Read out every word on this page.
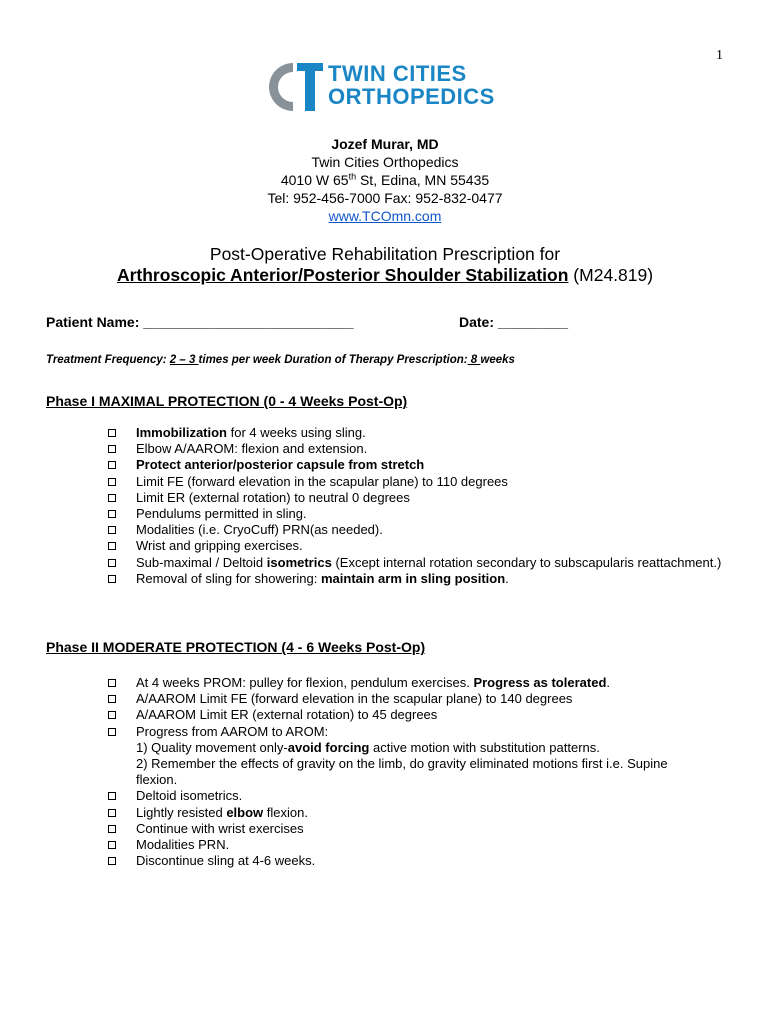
1
TWIN CITIES
ORTHOPEDICS
Jozef Murar, MD
Twin Cities Orthopedics
4010 W 65th St, Edina, MN 55435
Tel: 952-456-7000 Fax: 952-832-0477
www.TCOmn.com
Post-Operative Rehabilitation Prescription for
Arthroscopic Anterior/Posterior Shoulder Stabilization (M24.819)
Patient Name: ___________________________	Date: _________
Treatment Frequency: 2 – 3 times per week Duration of Therapy Prescription: 8 weeks
Phase I MAXIMAL PROTECTION (0 - 4 Weeks Post-Op)
Immobilization for 4 weeks using sling.
Elbow A/AAROM: flexion and extension.
Protect anterior/posterior capsule from stretch
Limit FE (forward elevation in the scapular plane) to 110 degrees
Limit ER (external rotation) to neutral 0 degrees
Pendulums permitted in sling.
Modalities (i.e. CryoCuff) PRN(as needed).
Wrist and gripping exercises.
Sub-maximal / Deltoid isometrics (Except internal rotation secondary to subscapularis reattachment.)
Removal of sling for showering: maintain arm in sling position.
Phase II MODERATE PROTECTION (4 - 6 Weeks Post-Op)
At 4 weeks PROM: pulley for flexion, pendulum exercises. Progress as tolerated.
A/AAROM Limit FE (forward elevation in the scapular plane) to 140 degrees
A/AAROM Limit ER (external rotation) to 45 degrees
Progress from AAROM to AROM:
1) Quality movement only-avoid forcing active motion with substitution patterns.
2) Remember the effects of gravity on the limb, do gravity eliminated motions first i.e. Supine
flexion.
Deltoid isometrics.
Lightly resisted elbow flexion.
Continue with wrist exercises
Modalities PRN.
Discontinue sling at 4-6 weeks.
